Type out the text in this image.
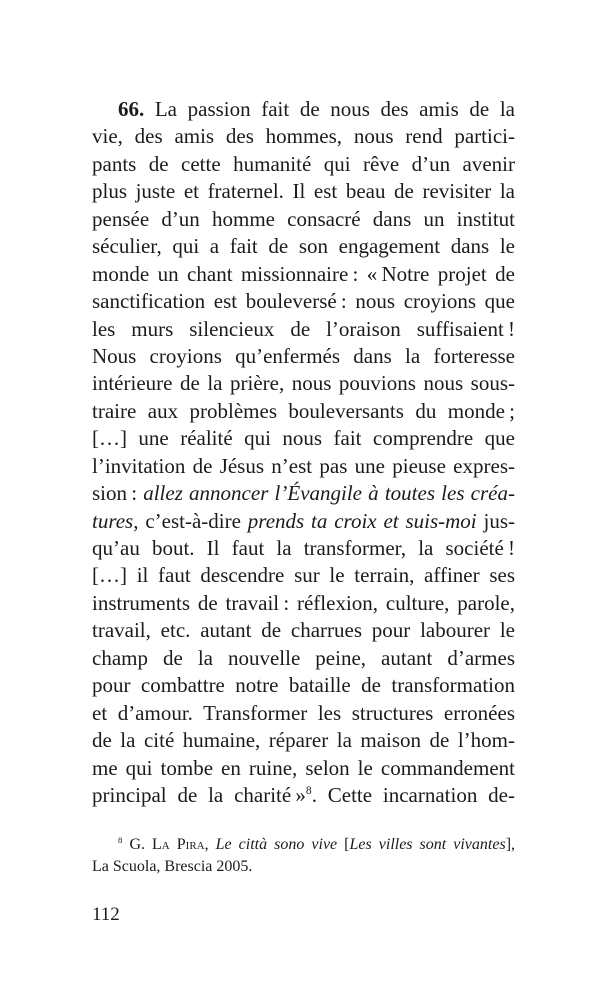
66. La passion fait de nous des amis de la
vie, des amis des hommes, nous rend partici-
pants de cette humanité qui rêve d’un avenir
plus juste et fraternel. Il est beau de revisiter la
pensée d’un homme consacré dans un institut
séculier, qui a fait de son engagement dans le
monde un chant missionnaire : « Notre projet de
sanctification est bouleversé : nous croyions que
les murs silencieux de l’oraison suffisaient !
Nous croyions qu’enfermés dans la forteresse
intérieure de la prière, nous pouvions nous sous-
traire aux problèmes bouleversants du monde ;
[…] une réalité qui nous fait comprendre que
l’invitation de Jésus n’est pas une pieuse expres-
sion : allez annoncer l’Évangile à toutes les créa-
tures, c’est-à-dire prends ta croix et suis-moi jus-
qu’au bout. Il faut la transformer, la société !
[…] il faut descendre sur le terrain, affiner ses
instruments de travail : réflexion, culture, parole,
travail, etc. autant de charrues pour labourer le
champ de la nouvelle peine, autant d’armes
pour combattre notre bataille de transformation
et d’amour. Transformer les structures erronées
de la cité humaine, réparer la maison de l’hom-
me qui tombe en ruine, selon le commandement
principal de la charité »$^8$. Cette incarnation de-
$^8$ G. La Pira, Le città sono vive [Les villes sont vivantes],
La Scuola, Brescia 2005.
112
